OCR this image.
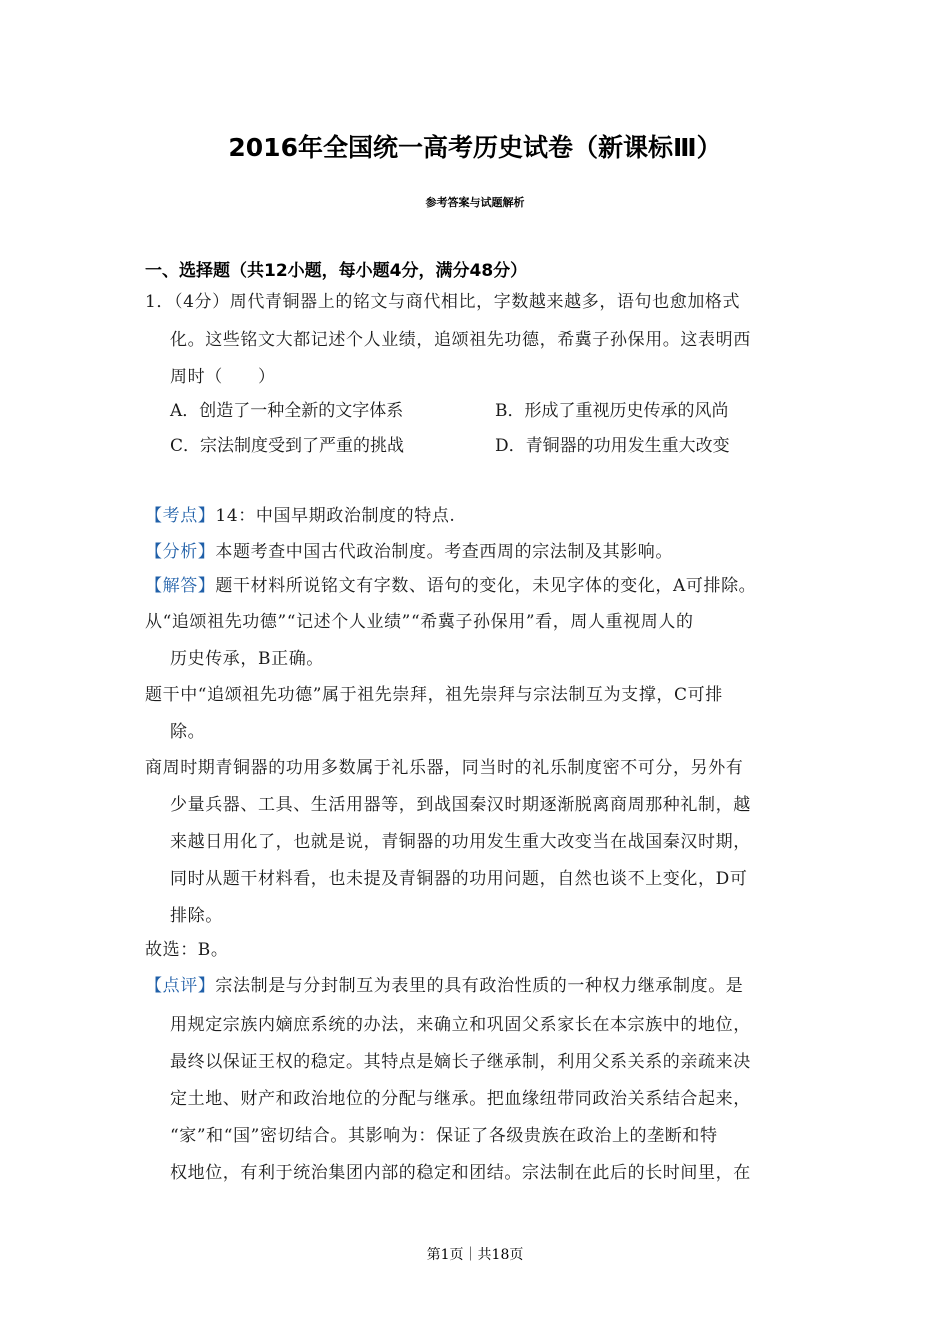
2016年全国统一高考历史试卷（新课标Ⅲ）
参考答案与试题解析
一、选择题（共12小题，每小题4分，满分48分）
1．（4分）周代青铜器上的铭文与商代相比，字数越来越多，语句也愈加格式
化。这些铭文大都记述个人业绩，追颂祖先功德，希冀子孙保用。这表明西
周时（　　）
A．创造了一种全新的文字体系	B．形成了重视历史传承的风尚
C．宗法制度受到了严重的挑战	D．青铜器的功用发生重大改变
【考点】14：中国早期政治制度的特点.
【分析】本题考查中国古代政治制度。考查西周的宗法制及其影响。
【解答】题干材料所说铭文有字数、语句的变化，未见字体的变化，A可排除。
从“追颂祖先功德”“记述个人业绩”“希冀子孙保用”看，周人重视周人的
历史传承，B正确。
题干中“追颂祖先功德”属于祖先崇拜，祖先崇拜与宗法制互为支撑，C可排
除。
商周时期青铜器的功用多数属于礼乐器，同当时的礼乐制度密不可分，另外有
少量兵器、工具、生活用器等，到战国秦汉时期逐渐脱离商周那种礼制，越
来越日用化了，也就是说，青铜器的功用发生重大改变当在战国秦汉时期，
同时从题干材料看，也未提及青铜器的功用问题，自然也谈不上变化，D可
排除。
故选：B。
【点评】宗法制是与分封制互为表里的具有政治性质的一种权力继承制度。是
用规定宗族内嫡庶系统的办法，来确立和巩固父系家长在本宗族中的地位，
最终以保证王权的稳定。其特点是嫡长子继承制，利用父系关系的亲疏来决
定土地、财产和政治地位的分配与继承。把血缘纽带同政治关系结合起来，
“家”和“国”密切结合。其影响为：保证了各级贵族在政治上的垄断和特
权地位，有利于统治集团内部的稳定和团结。宗法制在此后的长时间里，在
第1页｜共18页
